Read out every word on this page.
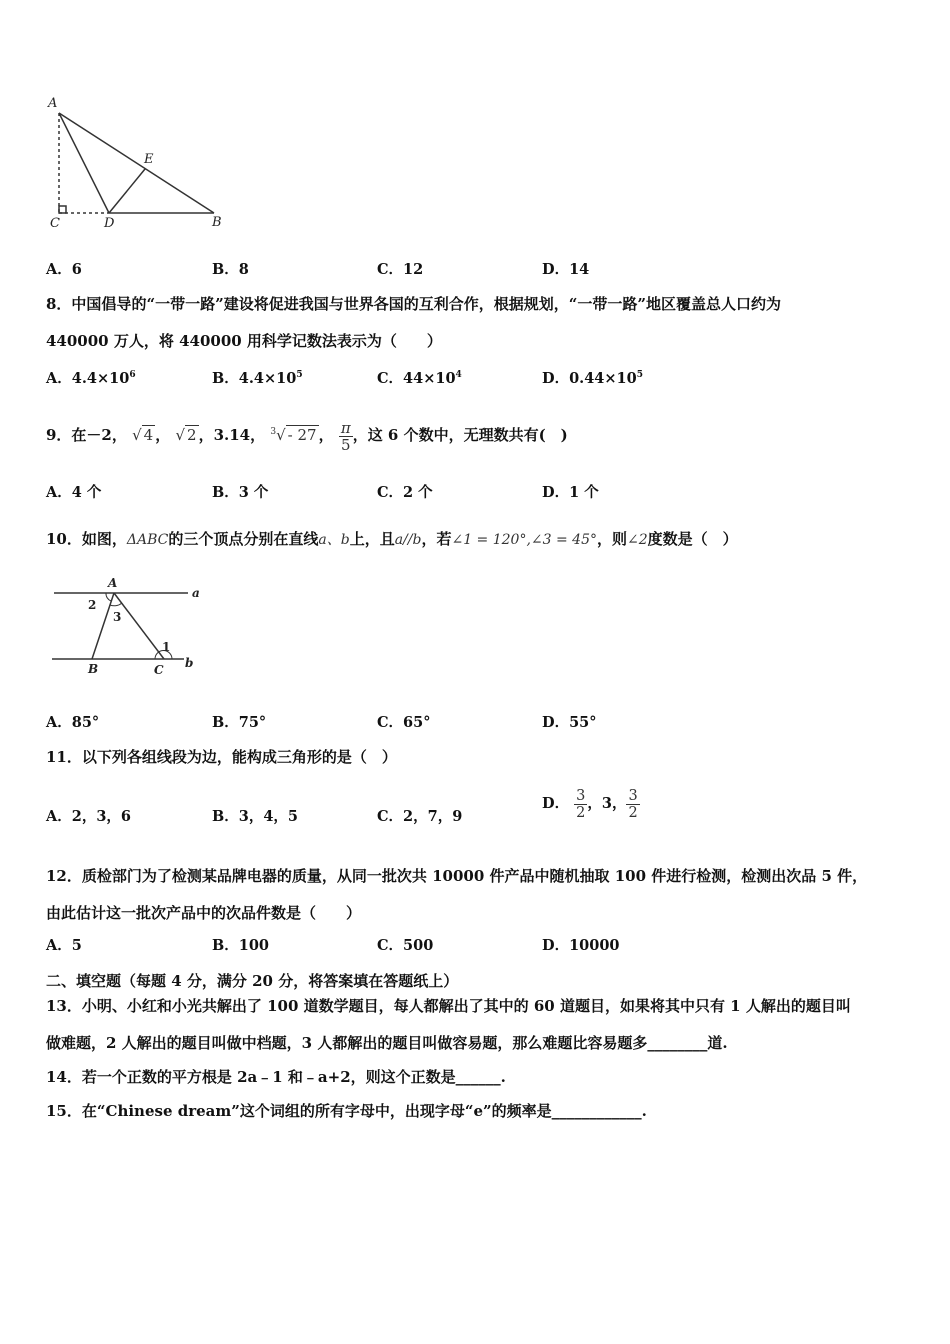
A
E
C	D	B
A．6	B．8	C．12	D．14
8．中国倡导的“一带一路”建设将促进我国与世界各国的互利合作，根据规划，“一带一路”地区覆盖总人口约为
440000 万人，将 440000 用科学记数法表示为（　　）
A．$4.4\times 10^6$	B．$4.4\times 10^5$	C．$44\times 10^4$	D．$0.44\times 10^5$
9．在－2， √ 4 ， √ 2 ，3.14， $^3$√ - 27 ， $\frac{\pi}{5}$ ，这 6 个数中，无理数共有(　)
A．4 个	B．3 个	C．2 个	D．1 个
10．如图，ΔABC的三个顶点分别在直线a、b上，且a//b，若∠1 = 120°,∠3 = 45°，则∠2度数是（　）
A
a
2
3
1
b
B	C
A．85°	B．75°	C．65°	D．55°
11．以下列各组线段为边，能构成三角形的是（　）
A．2，3，6	B．3，4，5	C．2，7，9
D． $\frac{3}{2}$ ，3， $\frac{3}{2}$
12．质检部门为了检测某品牌电器的质量，从同一批次共 10000 件产品中随机抽取 100 件进行检测，检测出次品 5 件，
由此估计这一批次产品中的次品件数是（　　）
A．5	B．100	C．500	D．10000
二、填空题（每题 4 分，满分 20 分，将答案填在答题纸上）
13．小明、小红和小光共解出了 100 道数学题目，每人都解出了其中的 60 道题目，如果将其中只有 1 人解出的题目叫
做难题，2 人解出的题目叫做中档题，3 人都解出的题目叫做容易题，那么难题比容易题多________道.
14．若一个正数的平方根是 2a﹣1 和﹣a+2，则这个正数是______.
15．在“Chinese dream”这个词组的所有字母中，出现字母“e”的频率是____________.
